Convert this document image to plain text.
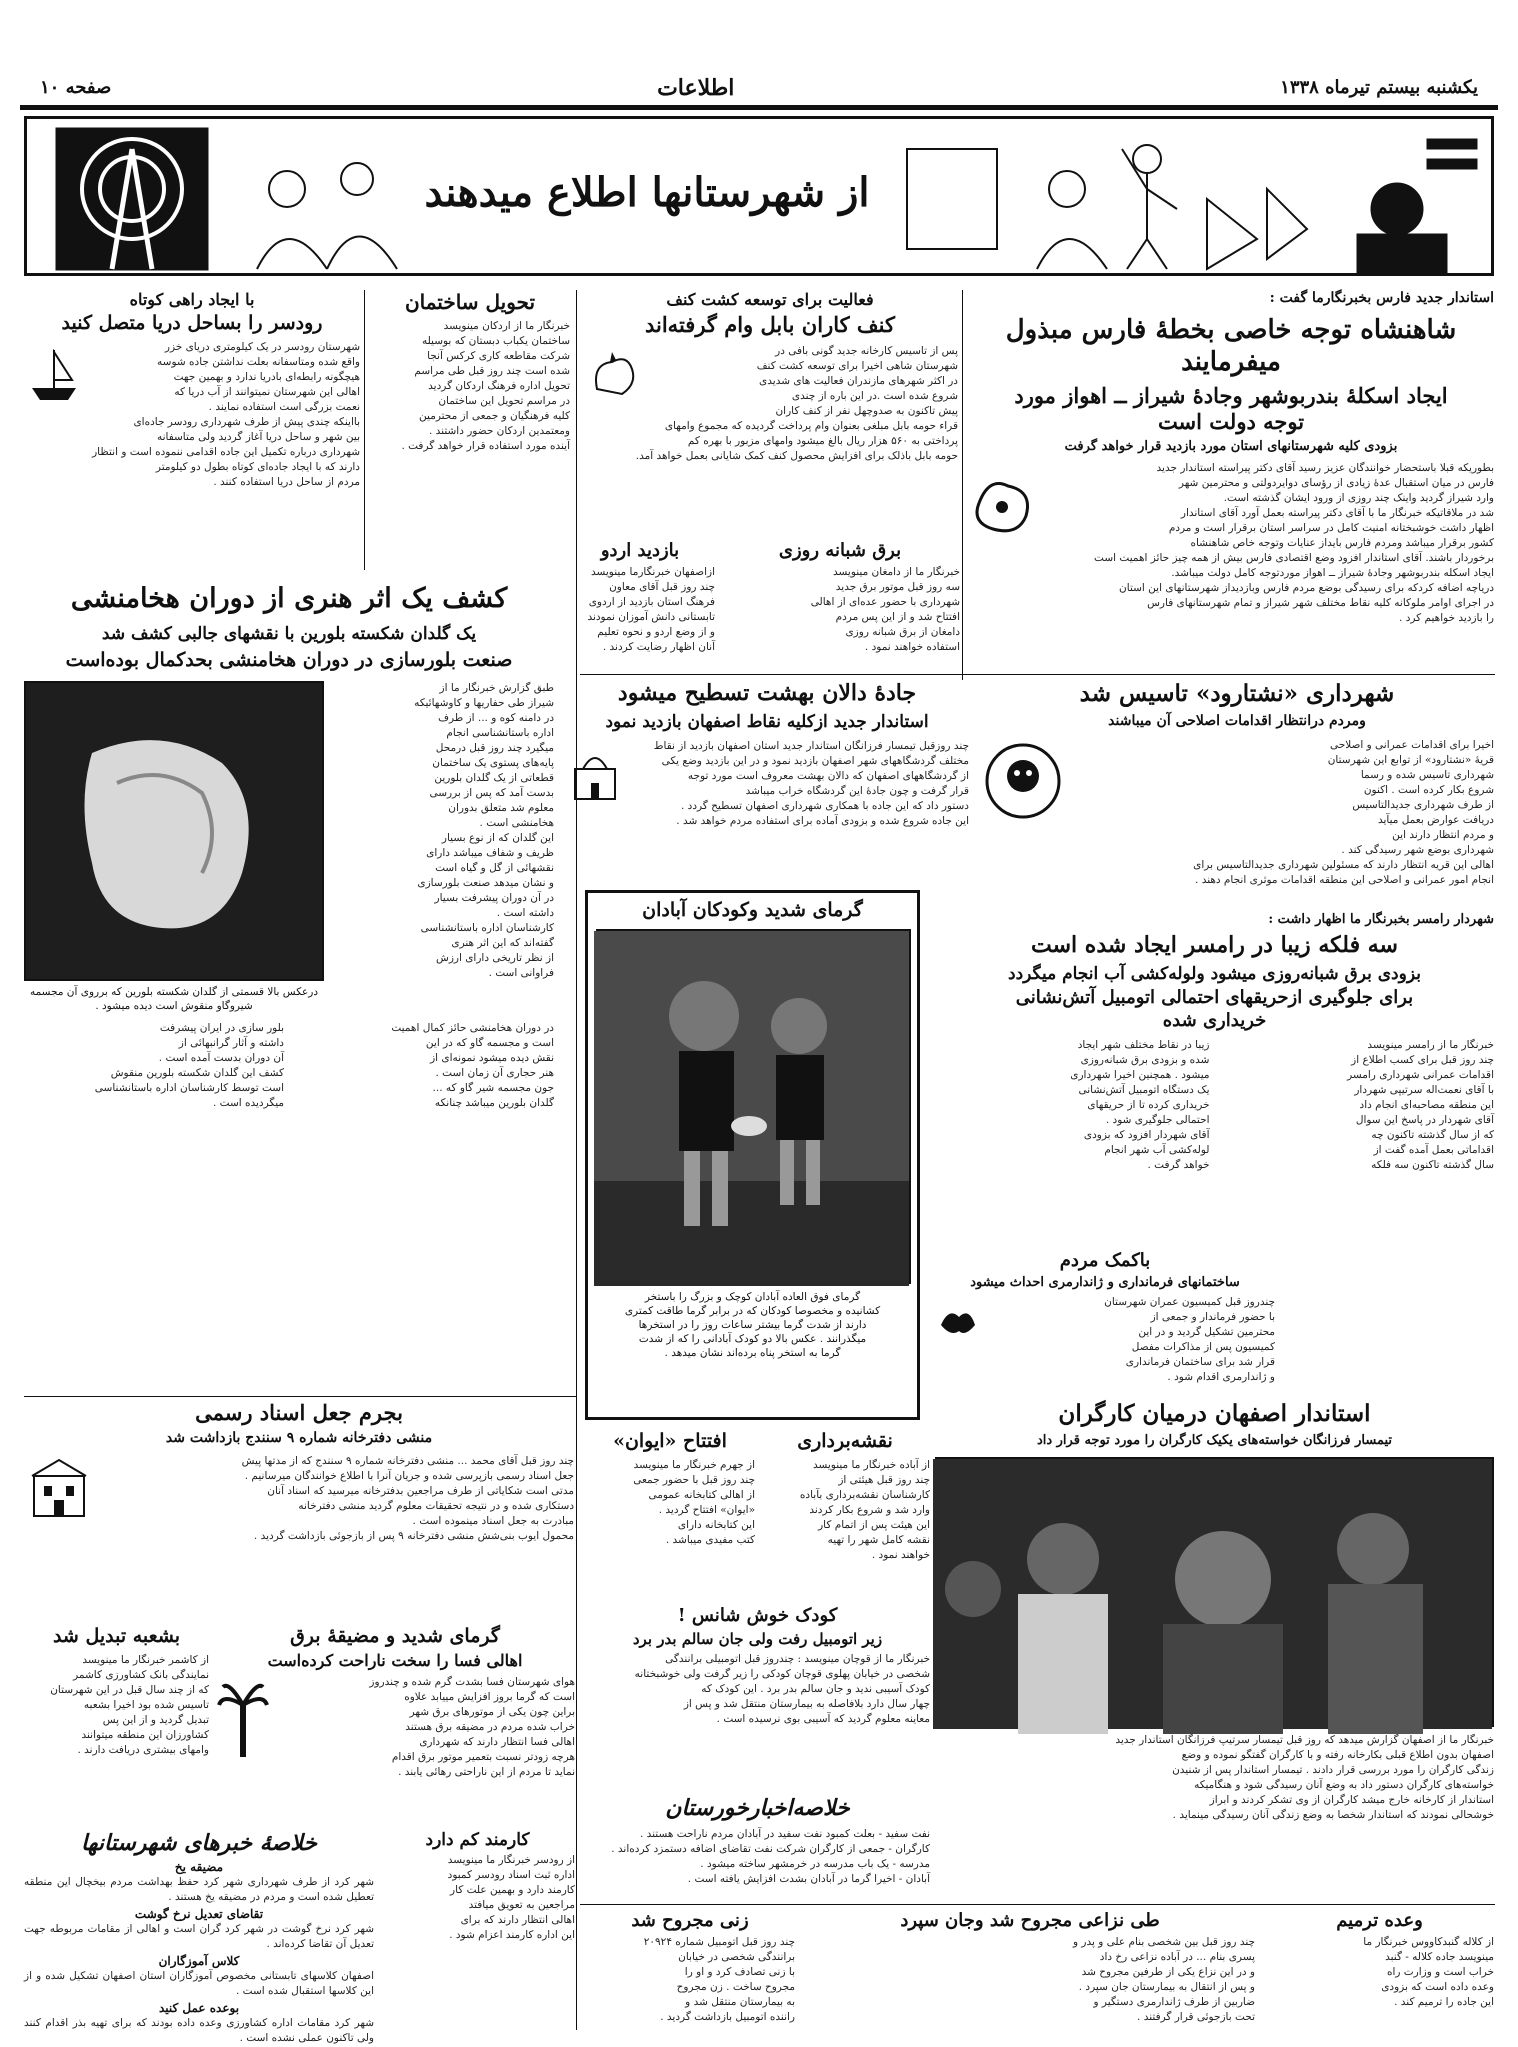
یکشنبه بیستم تیرماه ۱۳۳۸
اطلاعات
صفحه ۱۰
از شهرستانها اطلاع میدهند
استاندار جدید فارس بخبرنگارما گفت :
شاهنشاه توجه خاصی بخطهٔ فارس مبذول میفرمایند
ایجاد اسکلهٔ بندربوشهر وجادهٔ شیراز ــ اهواز مورد
توجه دولت است
بزودی کلیه شهرستانهای استان مورد بازدید قرار خواهد گرفت
بطوریکه قبلا باستحضار خوانندگان عزیز رسید آقای دکتر پیراسته استاندار جدید
فارس در میان استقبال عدهٔ زیادی از رؤسای دوایردولتی و محترمین شهر
وارد شیراز گردید واینک چند روزی از ورود ایشان گذشته است.
شد در ملاقاتیکه خبرنگار ما با آقای دکتر پیراسته بعمل آورد آقای استاندار
اظهار داشت خوشبختانه امنیت کامل در سراسر استان برقرار است و مردم
کشور برقرار میباشد ومردم فارس بایداز عنایات وتوجه خاص شاهنشاه
برخوردار باشند. آقای استاندار افزود وضع اقتصادی فارس بیش از همه چیز حائز اهمیت است
ایجاد اسکله بندربوشهر وجادهٔ شیراز ــ اهواز موردتوجه کامل دولت میباشد.
دریاچه اضافه کردکه برای رسیدگی بوضع مردم فارس وبازدیداز شهرستانهای این استان
در اجرای اوامر ملوکانه کلیه نقاط مختلف شهر شیراز و تمام شهرستانهای فارس
را بازدید خواهیم کرد .
فعالیت برای توسعه کشت کنف
کنف کاران بابل وام گرفته‌اند
پس از تاسیس کارخانه جدید گونی بافی در
شهرستان شاهی اخیرا برای توسعه کشت کنف
در اکثر شهرهای مازندران فعالیت های شدیدی
شروع شده است .در این باره از چندی
پیش تاکنون به صدوچهل نفر از کنف کاران
قراء حومه بابل مبلغی بعنوان وام پرداخت گردیده که مجموع وامهای
پرداختی به ۵۶۰ هزار ریال بالغ میشود وامهای مزبور با بهره کم
حومه بابل باذلک برای افزایش محصول کنف کمک شایانی بعمل خواهد آمد.
تحویل ساختمان
خبرنگار ما از اردکان مینویسد
ساختمان یکباب دبستان که بوسیله
شرکت مقاطعه کاری کرکس آنجا
شده است چند روز قبل طی مراسم
تحویل اداره فرهنگ اردکان گردید
در مراسم تحویل این ساختمان
کلیه فرهنگیان و جمعی از محترمین
ومعتمدین اردکان حضور داشتند .
آینده مورد استفاده قرار خواهد گرفت .
با ایجاد راهی کوتاه
رودسر را بساحل دریا متصل کنید
شهرستان رودسر در یک کیلومتری دریای خزر
واقع شده ومتاسفانه بعلت نداشتن جاده شوسه
هیچگونه رابطه‌ای بادریا ندارد و بهمین جهت
اهالی این شهرستان نمیتوانند از آب دریا که
نعمت بزرگی است استفاده نمایند .
بااینکه چندی پیش از طرف شهرداری رودسر جاده‌ای
بین شهر و ساحل دریا آغاز گردید ولی متاسفانه
شهرداری درباره تکمیل این جاده اقدامی ننموده است و انتظار
دارند که با ایجاد جاده‌ای کوتاه بطول دو کیلومتر
مردم از ساحل دریا استفاده کنند .
برق شبانه روزی
خبرنگار ما از دامغان مینویسد
سه روز قبل موتور برق جدید
شهرداری با حضور عده‌ای از اهالی
افتتاح شد و از این پس مردم
دامغان از برق شبانه روزی
استفاده خواهند نمود .
بازدید اردو
ازاصفهان خبرنگارما مینویسد
چند روز قبل آقای معاون
فرهنگ استان بازدید از اردوی
تابستانی دانش آموزان نمودند
و از وضع اردو و نحوه تعلیم
آنان اظهار رضایت کردند .
کشف یک اثر هنری از دوران هخامنشی
یک گلدان شکسته بلورین با نقشهای جالبی کشف شد
صنعت بلورسازی در دوران هخامنشی بحدکمال بوده‌است
طبق گزارش خبرنگار ما از
شیراز طی حفاریها و کاوشهائیکه
در دامنه کوه و ... از طرف
اداره باستانشناسی انجام
میگیرد چند روز قبل درمحل
پایه‌های پستوی یک ساختمان
قطعاتی از یک گلدان بلورین
بدست آمد که پس از بررسی
معلوم شد متعلق بدوران
هخامنشی است .
این گلدان که از نوع بسیار
ظریف و شفاف میباشد دارای
نقشهائی از گل و گیاه است
و نشان میدهد صنعت بلورسازی
در آن دوران پیشرفت بسیار
داشته است .
کارشناسان اداره باستانشناسی
گفته‌اند که این اثر هنری
از نظر تاریخی دارای ارزش
فراوانی است .
درعکس بالا قسمتی از گلدان شکسته بلورین که برروی آن مجسمه
شیروگاو منقوش است دیده میشود .
در دوران هخامنشی حائز کمال اهمیت
است و مجسمه گاو که در این
نقش دیده میشود نمونه‌ای از
هنر حجاری آن زمان است .
جون مجسمه شیر گاو که ...
گلدان بلورین میباشد چنانکه
بلور سازی در ایران پیشرفت
داشته و آثار گرانبهائی از
آن دوران بدست آمده است .
کشف این گلدان شکسته بلورین منقوش
است توسط کارشناسان اداره باستانشناسی
میگردیده است .
جادهٔ دالان بهشت تسطیح میشود
استاندار جدید ازکلیه نقاط اصفهان بازدید نمود
چند روزقبل تیمسار فرزانگان استاندار جدید استان اصفهان بازدید از نقاط
مختلف گردشگاههای شهر اصفهان بازدید نمود و در این بازدید وضع یکی
از گردشگاههای اصفهان که دالان بهشت معروف است مورد توجه
قرار گرفت و چون جادهٔ این گردشگاه خراب میباشد
دستور داد که این جاده با همکاری شهرداری اصفهان تسطیح گردد .
این جاده شروع شده و بزودی آماده برای استفاده مردم خواهد شد .
شهرداری «نشتارود» تاسیس شد
ومردم درانتظار اقدامات اصلاحی آن میباشند
اخیرا برای اقدامات عمرانی و اصلاحی
قریهٔ «نشتارود» از توابع این شهرستان
شهرداری تاسیس شده و رسما
شروع بکار کرده است . اکنون
از طرف شهرداری جدیدالتاسیس
دریافت عوارض بعمل میآید
و مردم انتظار دارند این
شهرداری بوضع شهر رسیدگی کند .
اهالی این قریه انتظار دارند که مسئولین شهرداری جدیدالتاسیس برای
انجام امور عمرانی و اصلاحی این منطقه اقدامات موثری انجام دهند .
گرمای شدید وکودکان آبادان
گرمای فوق العاده آبادان کوچک و بزرگ را باستخر
کشانیده و مخصوصا کودکان که در برابر گرما طاقت کمتری
دارند از شدت گرما بیشتر ساعات روز را در استخرها
میگذرانند . عکس بالا دو کودک آبادانی را که از شدت
گرما به استخر پناه برده‌اند نشان میدهد .
شهردار رامسر بخبرنگار ما اظهار داشت :
سه فلکه زیبا در رامسر ایجاد شده است
بزودی برق شبانه‌روزی میشود ولوله‌کشی آب انجام میگردد
برای جلوگیری ازحریقهای احتمالی اتومبیل آتش‌نشانی
خریداری شده
خبرنگار ما از رامسر مینویسد
چند روز قبل برای کسب اطلاع از
اقدامات عمرانی شهرداری رامسر
با آقای نعمت‌اله سرتیپی شهردار
این منطقه مصاحبه‌ای انجام داد
آقای شهردار در پاسخ این سوال
که از سال گذشته تاکنون چه
اقداماتی بعمل آمده گفت از
سال گذشته تاکنون سه فلکه
زیبا در نقاط مختلف شهر ایجاد
شده و بزودی برق شبانه‌روزی
میشود . همچنین اخیرا شهرداری
یک دستگاه اتومبیل آتش‌نشانی
خریداری کرده تا از حریقهای
احتمالی جلوگیری شود .
آقای شهردار افزود که بزودی
لوله‌کشی آب شهر انجام
خواهد گرفت .
باکمک مردم
ساختمانهای فرمانداری و ژاندارمری احداث میشود
چندروز قبل کمیسیون عمران شهرستان
با حضور فرماندار و جمعی از
محترمین تشکیل گردید و در این
کمیسیون پس از مذاکرات مفصل
قرار شد برای ساختمان فرمانداری
و ژاندارمری اقدام شود .
استاندار اصفهان درمیان کارگران
تیمسار فرزانگان خواسته‌های یکیک کارگران را مورد توجه قرار داد
خبرنگار ما از اصفهان گزارش میدهد که روز قبل تیمسار سرتیپ فرزانگان استاندار جدید
اصفهان بدون اطلاع قبلی بکارخانه رفته و با کارگران گفتگو نموده و وضع
زندگی کارگران را مورد بررسی قرار دادند . تیمسار استاندار پس از شنیدن
خواسته‌های کارگران دستور داد به وضع آنان رسیدگی شود و هنگامیکه
استاندار از کارخانه خارج میشد کارگران از وی تشکر کردند و ابراز
خوشحالی نمودند که استاندار شخصا به وضع زندگی آنان رسیدگی مینماید .
بجرم جعل اسناد رسمی
منشی دفترخانه شماره ۹ سنندج بازداشت شد
چند روز قبل آقای محمد ... منشی دفترخانه شماره ۹ سنندج که از مدتها پیش
جعل اسناد رسمی بازپرسی شده و جریان آنرا با اطلاع خوانندگان میرسانیم .
مدتی است شکایاتی از طرف مراجعین بدفترخانه میرسید که اسناد آنان
دستکاری شده و در نتیجه تحقیقات معلوم گردید منشی دفترخانه
مبادرت به جعل اسناد مینموده است .
محمول ایوب بنی‌شش منشی دفترخانه ۹ پس از بازجوئی بازداشت گردید .
بشعبه تبدیل شد
از کاشمر خبرنگار ما مینویسد
نمایندگی بانک کشاورزی کاشمر
که از چند سال قبل در این شهرستان
تاسیس شده بود اخیرا بشعبه
تبدیل گردید و از این پس
کشاورزان این منطقه میتوانند
وامهای بیشتری دریافت دارند .
گرمای شدید و مضیقهٔ برق
اهالی فسا را سخت ناراحت کرده‌است
هوای شهرستان فسا بشدت گرم شده و چندروز
است که گرما بروز افزایش مییابد علاوه
براین چون یکی از موتورهای برق شهر
خراب شده مردم در مضیقه برق هستند
اهالی فسا انتظار دارند که شهرداری
هرچه زودتر نسبت بتعمیر موتور برق اقدام
نماید تا مردم از این ناراحتی رهائی یابند .
نقشه‌برداری
از آباده خبرنگار ما مینویسد
چند روز قبل هیئتی از
کارشناسان نقشه‌برداری بآباده
وارد شد و شروع بکار کردند
این هیئت پس از اتمام کار
نقشه کامل شهر را تهیه
خواهند نمود .
افتتاح «ایوان»
از جهرم خبرنگار ما مینویسد
چند روز قبل با حضور جمعی
از اهالی کتابخانه عمومی
«ایوان» افتتاح گردید .
این کتابخانه دارای
کتب مفیدی میباشد .
کودک خوش شانس !
زیر اتومبیل رفت ولی جان سالم بدر برد
خبرنگار ما از قوچان مینویسد : چندروز قبل اتومبیلی برانندگی
شخصی در خیابان پهلوی قوچان کودکی را زیر گرفت ولی خوشبختانه
کودک آسیبی ندید و جان سالم بدر برد . این کودک که
چهار سال دارد بلافاصله به بیمارستان منتقل شد و پس از
معاینه معلوم گردید که آسیبی بوی نرسیده است .
کارمند کم دارد
از رودسر خبرنگار ما مینویسد
اداره ثبت اسناد رودسر کمبود
کارمند دارد و بهمین علت کار
مراجعین به تعویق میافتد
اهالی انتظار دارند که برای
این اداره کارمند اعزام شود .
خلاصهٔ خبرهای شهرستانها
مضیقه یخ
شهر کرد از طرف شهرداری شهر کرد حفظ بهداشت مردم بیخچال این منطقه تعطیل شده است و مردم در مضیقه یخ هستند .
تقاضای تعدیل نرخ گوشت
شهر کرد نرخ گوشت در شهر کرد گران است و اهالی از مقامات مربوطه جهت تعدیل آن تقاضا کرده‌اند .
کلاس آموزگاران
اصفهان کلاسهای تابستانی مخصوص آموزگاران استان اصفهان تشکیل شده و از این کلاسها استقبال شده است .
بوعده عمل کنید
شهر کرد مقامات اداره کشاورزی وعده داده بودند که برای تهیه بذر اقدام کنند ولی تاکنون عملی نشده است .
خلاصه‌اخبار‌خورستان
نفت سفید - بعلت کمبود نفت سفید در آبادان مردم ناراحت هستند .
کارگران - جمعی از کارگران شرکت نفت تقاضای اضافه دستمزد کرده‌اند .
مدرسه - یک باب مدرسه در خرمشهر ساخته میشود .
آبادان - اخیرا گرما در آبادان بشدت افزایش یافته است .
زنی مجروح شد
چند روز قبل اتومبیل شماره ۲۰۹۲۴
برانندگی شخصی در خیابان
با زنی تصادف کرد و او را
مجروح ساخت . زن مجروح
به بیمارستان منتقل شد و
راننده اتومبیل بازداشت گردید .
طی نزاعی مجروح شد وجان سپرد
چند روز قبل بین شخصی بنام علی و پدر و
پسری بنام ... در آباده نزاعی رخ داد
و در این نزاع یکی از طرفین مجروح شد
و پس از انتقال به بیمارستان جان سپرد .
ضاربین از طرف ژاندارمری دستگیر و
تحت بازجوئی قرار گرفتند .
وعده ترمیم
از کلاله گنبدکاووس خبرنگار ما
مینویسد جاده کلاله - گنبد
خراب است و وزارت راه
وعده داده است که بزودی
این جاده را ترمیم کند .
